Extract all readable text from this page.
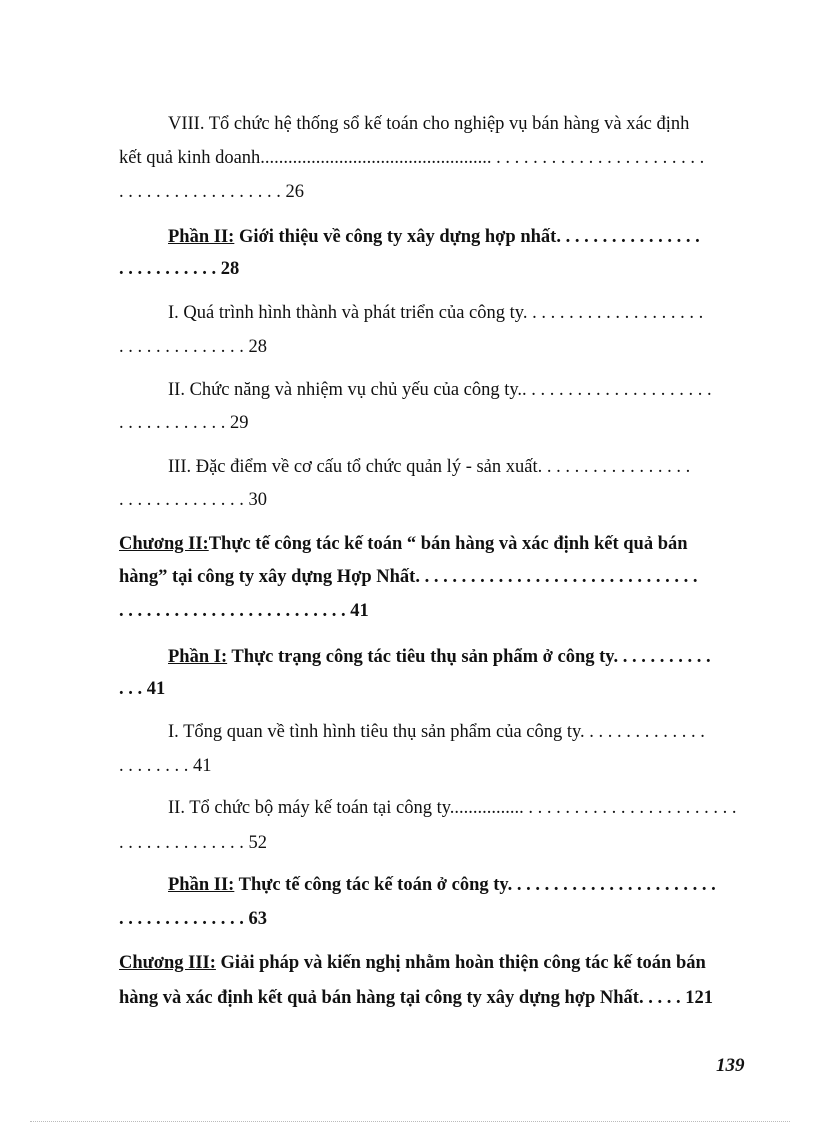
VIII. Tổ chức hệ thống sổ kế toán cho nghiệp vụ bán hàng và xác định
kết quả kinh doanh.................................................. . . . . . . . . . . . . . . . . . . . . . . .
. . . . . . . . . . . . . . . . . . 26
Phần II: Giới thiệu về công ty xây dựng hợp nhất. . . . . . . . . . . . . . . .
. . . . . . . . . . . 28
I. Quá trình hình thành và phát triển của công ty. . . . . . . . . . . . . . . . . . . .
. . . . . . . . . . . . . . 28
II. Chức năng và nhiệm vụ chủ yếu của công ty.. . . . . . . . . . . . . . . . . . . . .
. . . . . . . . . . . . 29
III. Đặc điểm về cơ cấu tổ chức quản lý - sản xuất. . . . . . . . . . . . . . . . .
. . . . . . . . . . . . . . 30
Chương II:Thực tế công tác kế toán “ bán hàng và xác định kết quả bán
hàng” tại công ty xây dựng Hợp Nhất. . . . . . . . . . . . . . . . . . . . . . . . . . . . . . .
. . . . . . . . . . . . . . . . . . . . . . . . . 41
Phần I: Thực trạng công tác tiêu thụ sản phẩm ở công ty. . . . . . . . . . .
. . . 41
I. Tổng quan về tình hình tiêu thụ sản phẩm của công ty. . . . . . . . . . . . . .
. . . . . . . . 41
II. Tổ chức bộ máy kế toán tại công ty................ . . . . . . . . . . . . . . . . . . . . . . .
. . . . . . . . . . . . . . 52
Phần II: Thực tế công tác kế toán ở công ty. . . . . . . . . . . . . . . . . . . . . . .
. . . . . . . . . . . . . . 63
Chương III: Giải pháp và kiến nghị nhằm hoàn thiện công tác kế toán bán
hàng và xác định kết quả bán hàng tại công ty xây dựng hợp Nhất. . . . . 121
139
